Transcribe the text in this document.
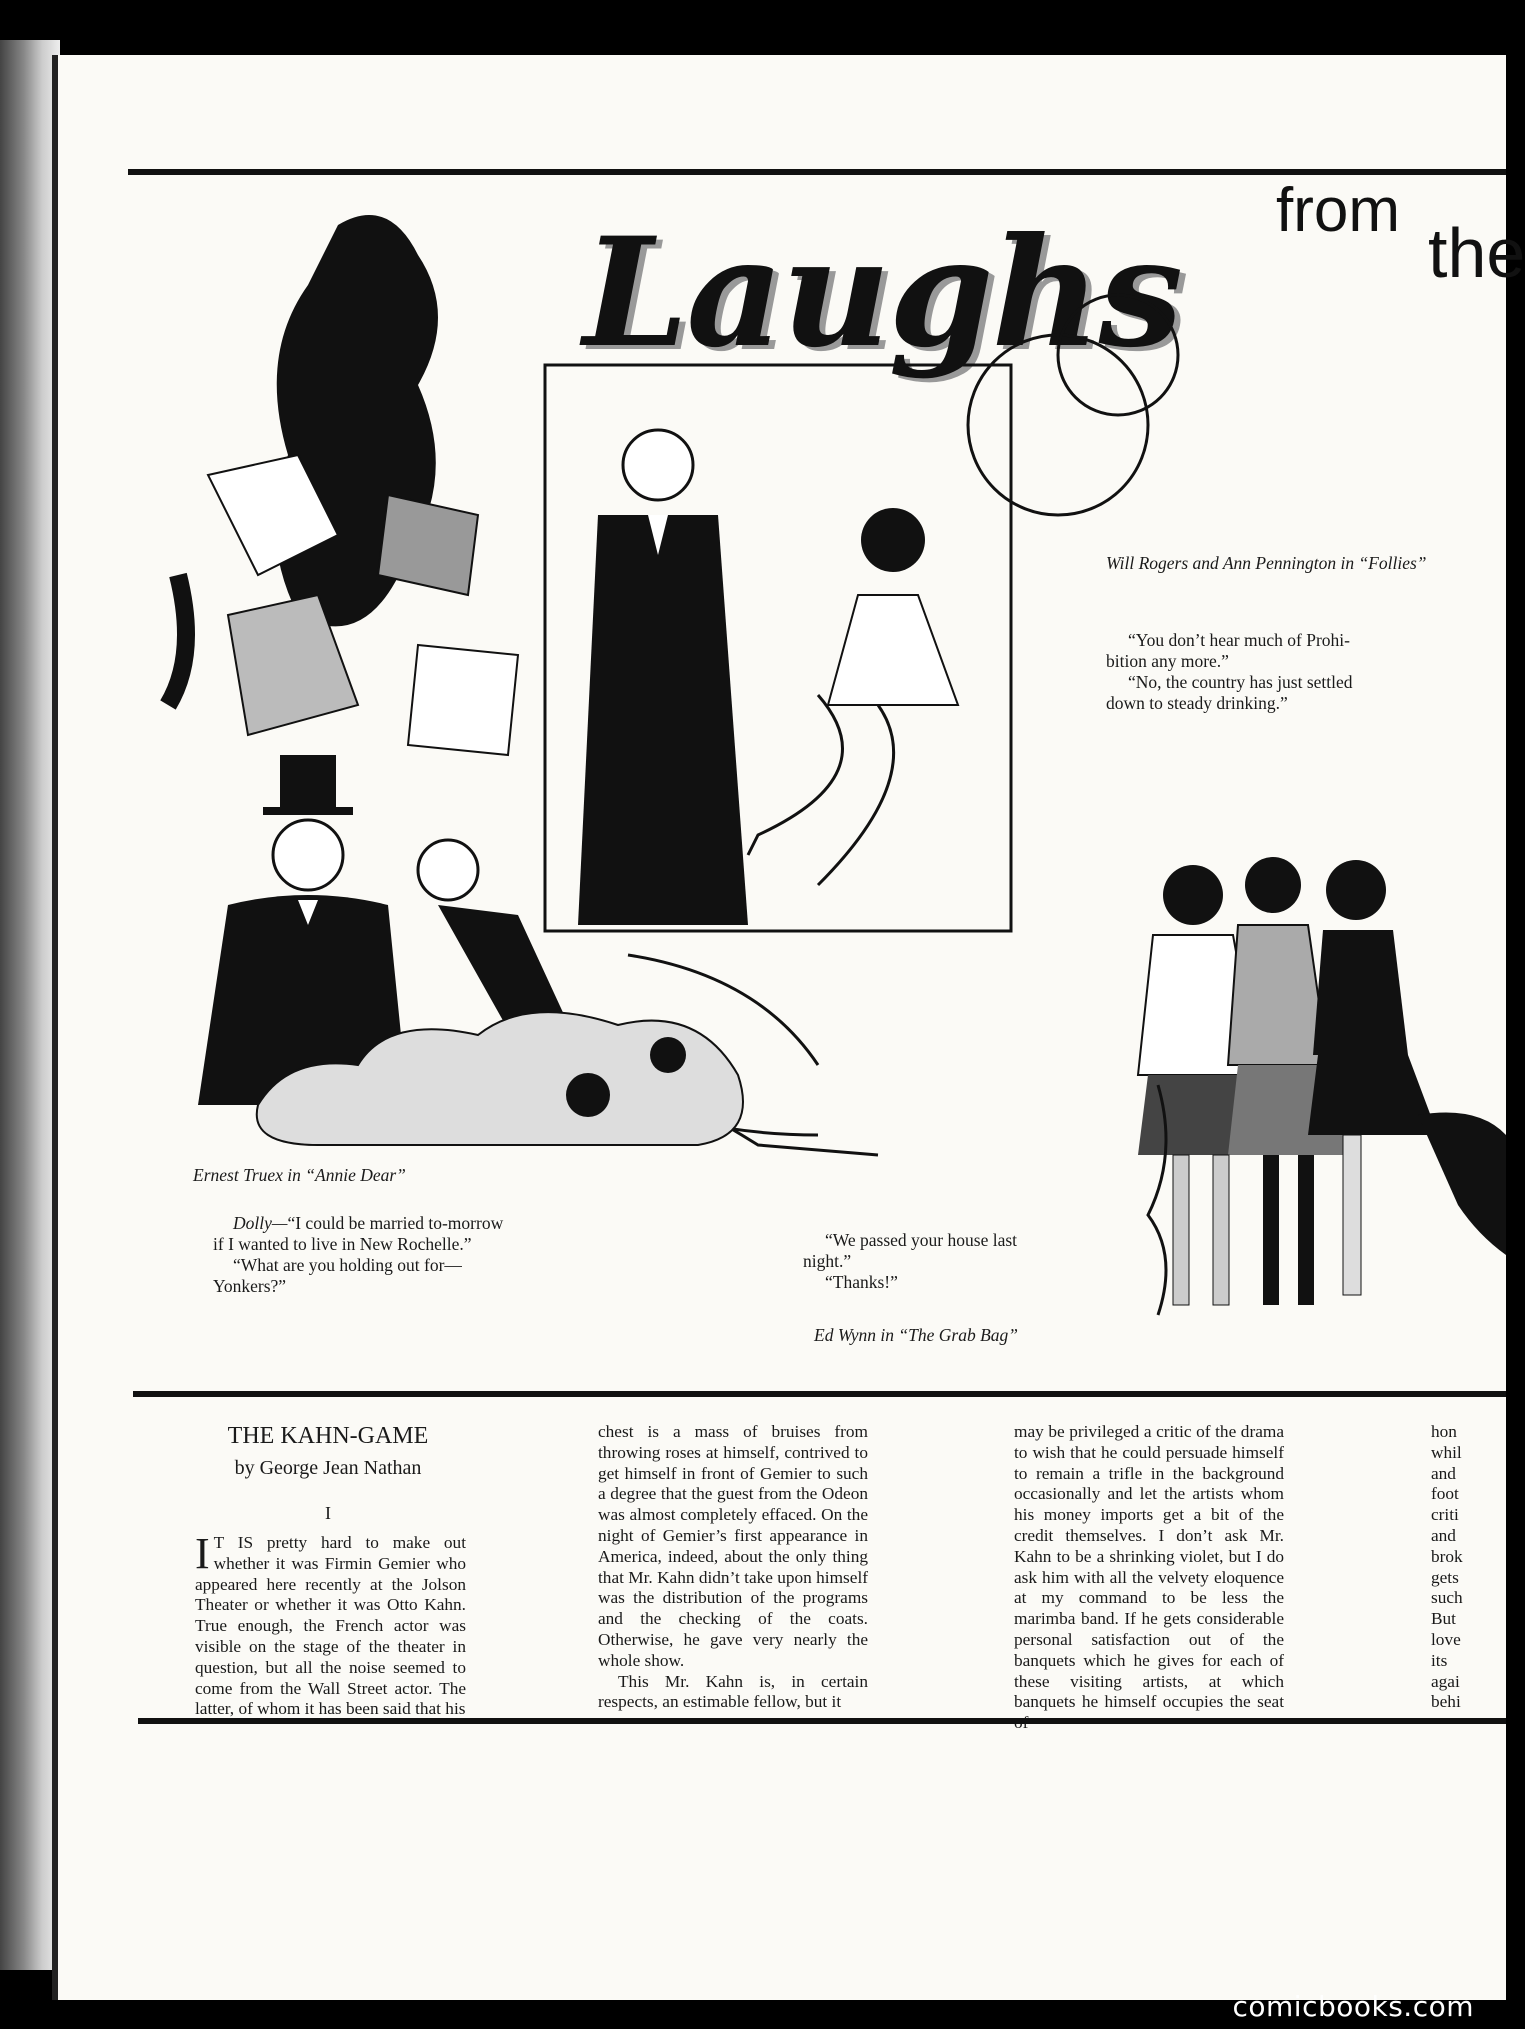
Laughs from
the
Will Rogers and Ann Pennington in “Follies”
“You don’t hear much of Prohi-
bition any more.”
“No, the country has just settled
down to steady drinking.”
Ernest Truex in “Annie Dear”
Dolly—“I could be married to-morrow
if I wanted to live in New Rochelle.”
“What are you holding out for—
Yonkers?”
“We passed your house last
night.”
“Thanks!”
Ed Wynn in “The Grab Bag”
THE KAHN-GAME
by George Jean Nathan
I
I T IS pretty hard to make out whether it was Firmin Gemier who appeared here recently at the Jolson Theater or whether it was Otto Kahn. True enough, the French actor was visible on the stage of the theater in question, but all the noise seemed to come from the Wall Street actor. The latter, of whom it has been said that his

chest is a mass of bruises from throwing roses at himself, contrived to get himself in front of Gemier to such a degree that the guest from the Odeon was almost completely effaced. On the night of Gemier’s first appearance in America, indeed, about the only thing that Mr. Kahn didn’t take upon himself was the distribution of the programs and the checking of the coats. Otherwise, he gave very nearly the whole show.

This Mr. Kahn is, in certain respects, an estimable fellow, but it

may be privileged a critic of the drama to wish that he could persuade himself to remain a trifle in the background occasionally and let the artists whom his money imports get a bit of the credit themselves. I don’t ask Mr. Kahn to be a shrinking violet, but I do ask him with all the velvety eloquence at my command to be less the marimba band. If he gets considerable personal satisfaction out of the banquets which he gives for each of these visiting artists, at which banquets he himself occupies the seat

hon
whil
and
foot
criti
and
brok
gets
such
But
love
its
agai
behi
comicbooks.com
